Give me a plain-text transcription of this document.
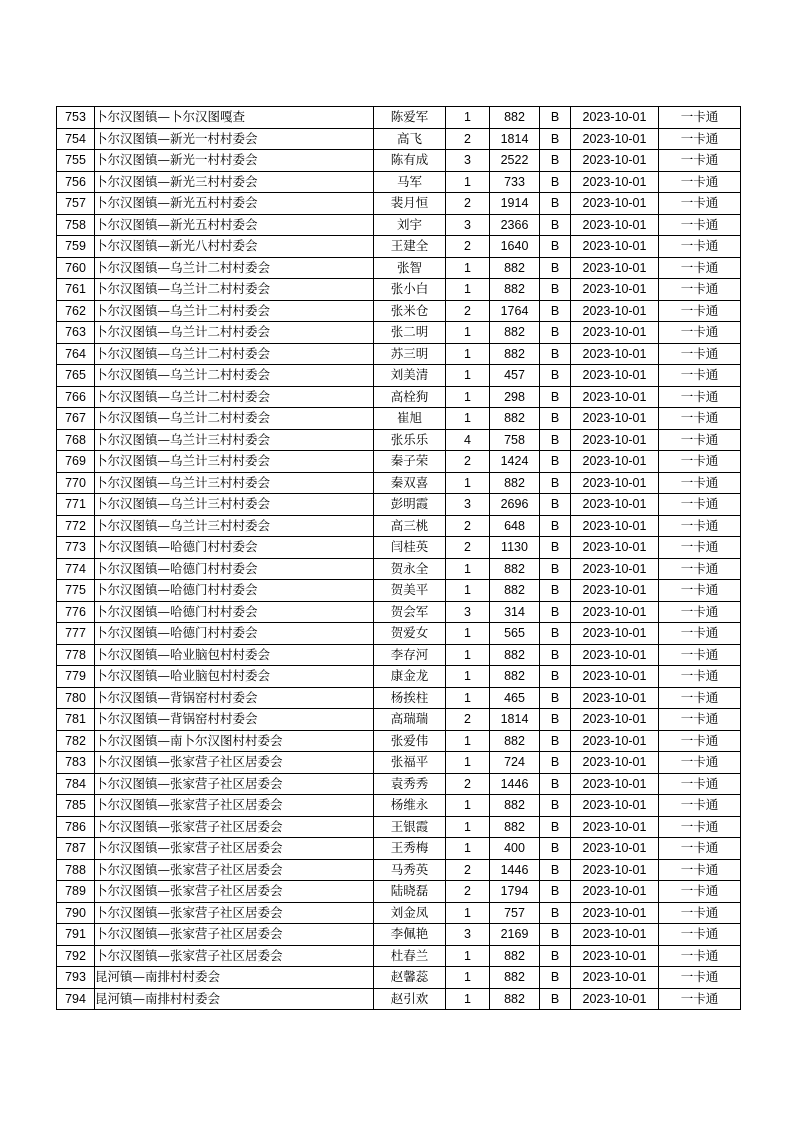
753	卜尔汉图镇—卜尔汉图嘎查	陈爱军	1	882	B	2023-10-01	一卡通
754	卜尔汉图镇—新光一村村委会	高飞	2	1814	B	2023-10-01	一卡通
755	卜尔汉图镇—新光一村村委会	陈有成	3	2522	B	2023-10-01	一卡通
756	卜尔汉图镇—新光三村村委会	马军	1	733	B	2023-10-01	一卡通
757	卜尔汉图镇—新光五村村委会	裴月恒	2	1914	B	2023-10-01	一卡通
758	卜尔汉图镇—新光五村村委会	刘宇	3	2366	B	2023-10-01	一卡通
759	卜尔汉图镇—新光八村村委会	王建全	2	1640	B	2023-10-01	一卡通
760	卜尔汉图镇—乌兰计二村村委会	张智	1	882	B	2023-10-01	一卡通
761	卜尔汉图镇—乌兰计二村村委会	张小白	1	882	B	2023-10-01	一卡通
762	卜尔汉图镇—乌兰计二村村委会	张米仓	2	1764	B	2023-10-01	一卡通
763	卜尔汉图镇—乌兰计二村村委会	张二明	1	882	B	2023-10-01	一卡通
764	卜尔汉图镇—乌兰计二村村委会	苏三明	1	882	B	2023-10-01	一卡通
765	卜尔汉图镇—乌兰计二村村委会	刘美清	1	457	B	2023-10-01	一卡通
766	卜尔汉图镇—乌兰计二村村委会	高栓狗	1	298	B	2023-10-01	一卡通
767	卜尔汉图镇—乌兰计二村村委会	崔旭	1	882	B	2023-10-01	一卡通
768	卜尔汉图镇—乌兰计三村村委会	张乐乐	4	758	B	2023-10-01	一卡通
769	卜尔汉图镇—乌兰计三村村委会	秦子荣	2	1424	B	2023-10-01	一卡通
770	卜尔汉图镇—乌兰计三村村委会	秦双喜	1	882	B	2023-10-01	一卡通
771	卜尔汉图镇—乌兰计三村村委会	彭明霞	3	2696	B	2023-10-01	一卡通
772	卜尔汉图镇—乌兰计三村村委会	高三桃	2	648	B	2023-10-01	一卡通
773	卜尔汉图镇—哈德门村村委会	闫桂英	2	1130	B	2023-10-01	一卡通
774	卜尔汉图镇—哈德门村村委会	贺永全	1	882	B	2023-10-01	一卡通
775	卜尔汉图镇—哈德门村村委会	贺美平	1	882	B	2023-10-01	一卡通
776	卜尔汉图镇—哈德门村村委会	贺会军	3	314	B	2023-10-01	一卡通
777	卜尔汉图镇—哈德门村村委会	贺爱女	1	565	B	2023-10-01	一卡通
778	卜尔汉图镇—哈业脑包村村委会	李存河	1	882	B	2023-10-01	一卡通
779	卜尔汉图镇—哈业脑包村村委会	康金龙	1	882	B	2023-10-01	一卡通
780	卜尔汉图镇—背锅窑村村委会	杨挨柱	1	465	B	2023-10-01	一卡通
781	卜尔汉图镇—背锅窑村村委会	高瑞瑞	2	1814	B	2023-10-01	一卡通
782	卜尔汉图镇—南卜尔汉图村村委会	张爱伟	1	882	B	2023-10-01	一卡通
783	卜尔汉图镇—张家营子社区居委会	张福平	1	724	B	2023-10-01	一卡通
784	卜尔汉图镇—张家营子社区居委会	袁秀秀	2	1446	B	2023-10-01	一卡通
785	卜尔汉图镇—张家营子社区居委会	杨维永	1	882	B	2023-10-01	一卡通
786	卜尔汉图镇—张家营子社区居委会	王银霞	1	882	B	2023-10-01	一卡通
787	卜尔汉图镇—张家营子社区居委会	王秀梅	1	400	B	2023-10-01	一卡通
788	卜尔汉图镇—张家营子社区居委会	马秀英	2	1446	B	2023-10-01	一卡通
789	卜尔汉图镇—张家营子社区居委会	陆晓磊	2	1794	B	2023-10-01	一卡通
790	卜尔汉图镇—张家营子社区居委会	刘金凤	1	757	B	2023-10-01	一卡通
791	卜尔汉图镇—张家营子社区居委会	李佩艳	3	2169	B	2023-10-01	一卡通
792	卜尔汉图镇—张家营子社区居委会	杜春兰	1	882	B	2023-10-01	一卡通
793	昆河镇—南排村村委会	赵馨蕊	1	882	B	2023-10-01	一卡通
794	昆河镇—南排村村委会	赵引欢	1	882	B	2023-10-01	一卡通
